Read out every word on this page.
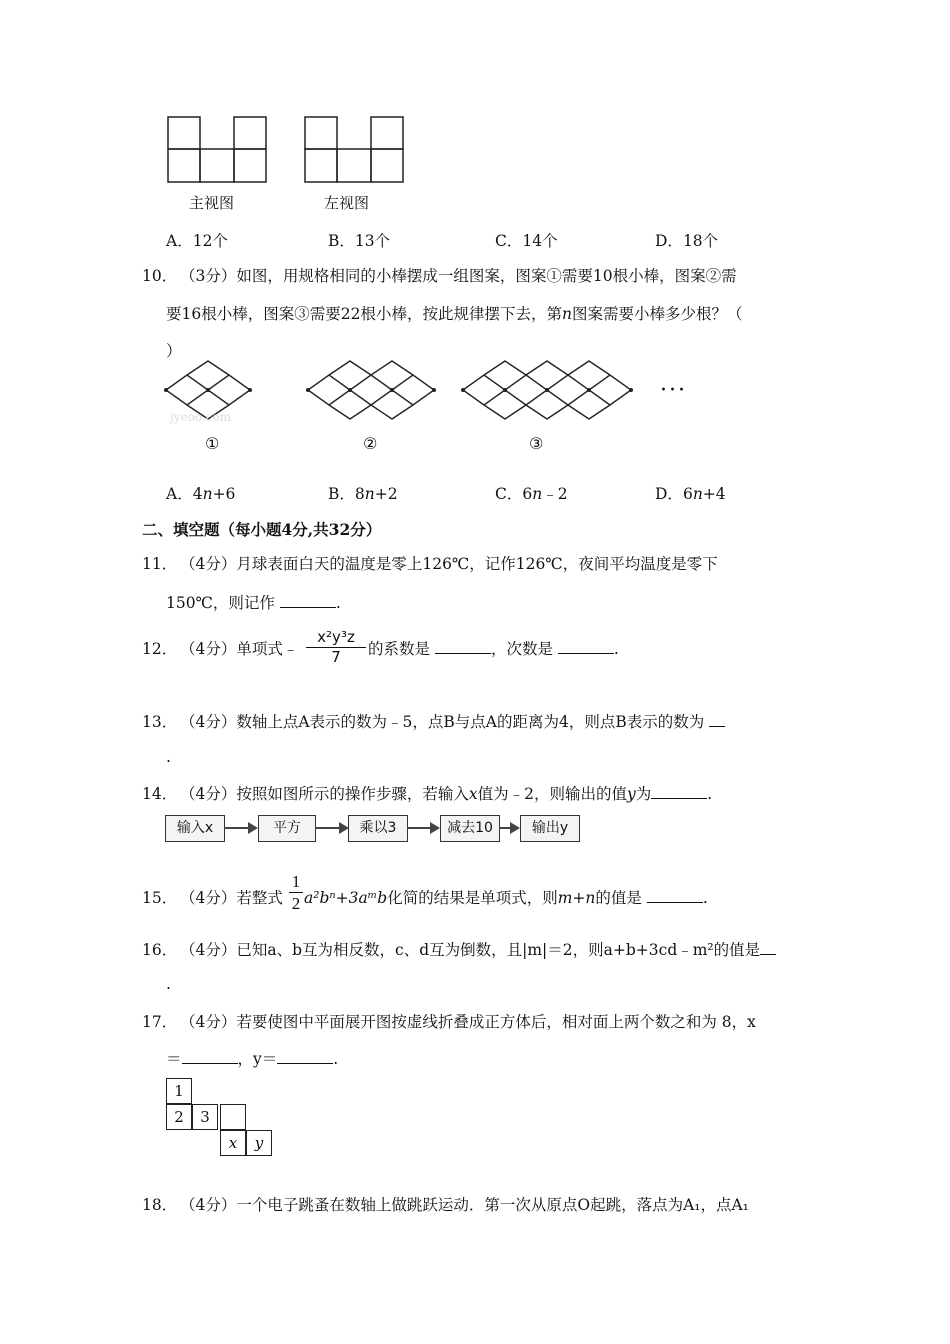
主视图	左视图
A．12个	B．13个	C．14个	D．18个
10． （3分）如图，用规格相同的小棒摆成一组图案，图案①需要10根小棒，图案②需
要16根小棒，图案③需要22根小棒，按此规律摆下去，第n图案需要小棒多少根？（
）
jyeoo.com
···
①	②	③
A．4n+6	B．8n+2	C．6n﹣2	D．6n+4
二、填空题（每小题4分,共32分）
11． （4分）月球表面白天的温度是零上126℃，记作126℃，夜间平均温度是零下
150℃，则记作	.
12． （4分）单项式﹣ $\frac{\text{x²y³z}}{7}$ 的系数是	，次数是	.
13． （4分）数轴上点A表示的数为﹣5，点B与点A的距离为4，则点B表示的数为
.
14． （4分）按照如图所示的操作步骤，若输入x值为﹣2，则输出的值y为	.
输入x	平方	乘以3	减去10	输出y
15． （4分）若整式 $\frac{1}{2}$ a²bⁿ+3aᵐb化简的结果是单项式，则m+n的值是	.
16． （4分）已知a、b互为相反数，c、d互为倒数，且|m|＝2，则a+b+3cd﹣m²的值是
.
17． （4分）若要使图中平面展开图按虚线折叠成正方体后，相对面上两个数之和为 8，x
＝	，y＝	.
1
2	3
x	y
18． （4分）一个电子跳蚤在数轴上做跳跃运动．第一次从原点O起跳，落点为A₁，点A₁
